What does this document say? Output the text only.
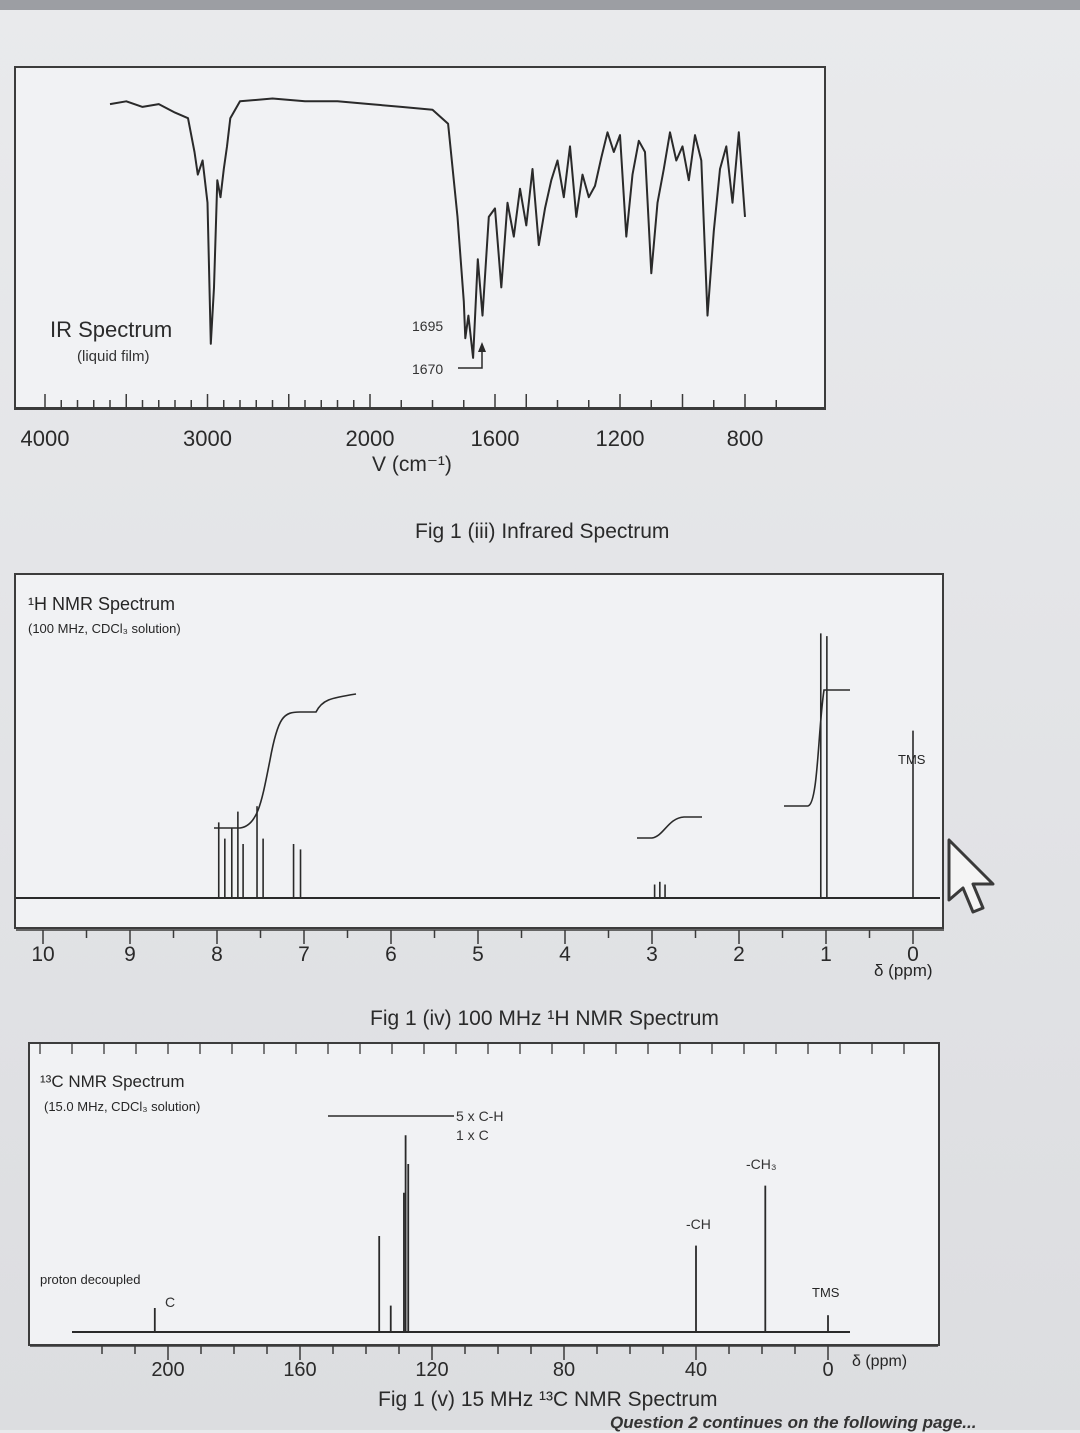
IR Spectrum
(liquid film)
1695
1670
4000	3000	2000	1600	1200	800
V (cm⁻¹)
Fig 1 (iii) Infrared Spectrum
¹H NMR Spectrum
(100 MHz, CDCl₃ solution)
TMS
10	9	8	7	6	5	4	3	2	1	0
δ (ppm)
Fig 1 (iv) 100 MHz ¹H NMR Spectrum
¹³C NMR Spectrum
(15.0 MHz, CDCl₃ solution)
proton decoupled
C
5 x C-H
1 x C
-CH
-CH₃
TMS
200	160	120	80	40	0 δ (ppm)
Fig 1 (v) 15 MHz ¹³C NMR Spectrum
Question 2 continues on the following page...
